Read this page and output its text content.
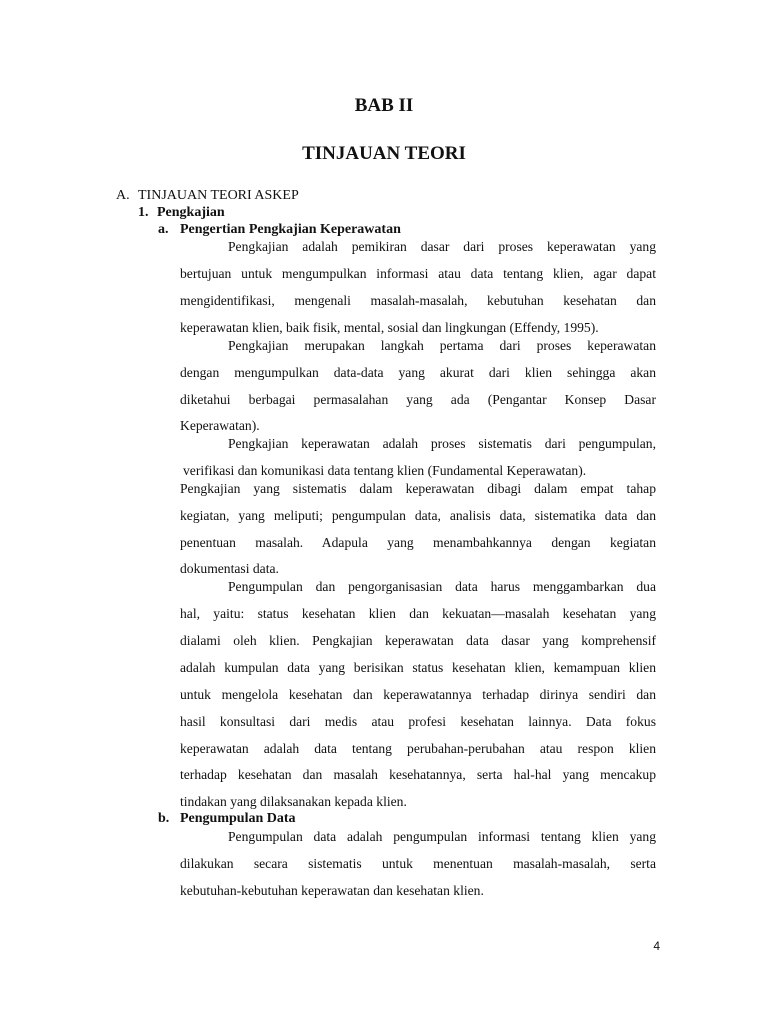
BAB II
TINJAUAN TEORI
A. TINJAUAN TEORI ASKEP
1. Pengkajian
a. Pengertian Pengkajian Keperawatan
Pengkajian adalah pemikiran dasar dari proses keperawatan yang
bertujuan untuk mengumpulkan informasi atau data tentang klien, agar dapat
mengidentifikasi, mengenali masalah-masalah, kebutuhan kesehatan dan
keperawatan klien, baik fisik, mental, sosial dan lingkungan (Effendy, 1995).
Pengkajian merupakan langkah pertama dari proses keperawatan
dengan mengumpulkan data-data yang akurat dari klien sehingga akan
diketahui berbagai permasalahan yang ada (Pengantar Konsep Dasar
Keperawatan).
Pengkajian keperawatan adalah proses sistematis dari pengumpulan,
verifikasi dan komunikasi data tentang klien (Fundamental Keperawatan).
Pengkajian yang sistematis dalam keperawatan dibagi dalam empat tahap
kegiatan, yang meliputi; pengumpulan data, analisis data, sistematika data dan
penentuan masalah. Adapula yang menambahkannya dengan kegiatan
dokumentasi data.
Pengumpulan dan pengorganisasian data harus menggambarkan dua
hal, yaitu: status kesehatan klien dan kekuatan—masalah kesehatan yang
dialami oleh klien. Pengkajian keperawatan data dasar yang komprehensif
adalah kumpulan data yang berisikan status kesehatan klien, kemampuan klien
untuk mengelola kesehatan dan keperawatannya terhadap dirinya sendiri dan
hasil konsultasi dari medis atau profesi kesehatan lainnya. Data fokus
keperawatan adalah data tentang perubahan-perubahan atau respon klien
terhadap kesehatan dan masalah kesehatannya, serta hal-hal yang mencakup
tindakan yang dilaksanakan kepada klien.
b. Pengumpulan Data
Pengumpulan data adalah pengumpulan informasi tentang klien yang
dilakukan secara sistematis untuk menentuan masalah-masalah, serta
kebutuhan-kebutuhan keperawatan dan kesehatan klien.
4
